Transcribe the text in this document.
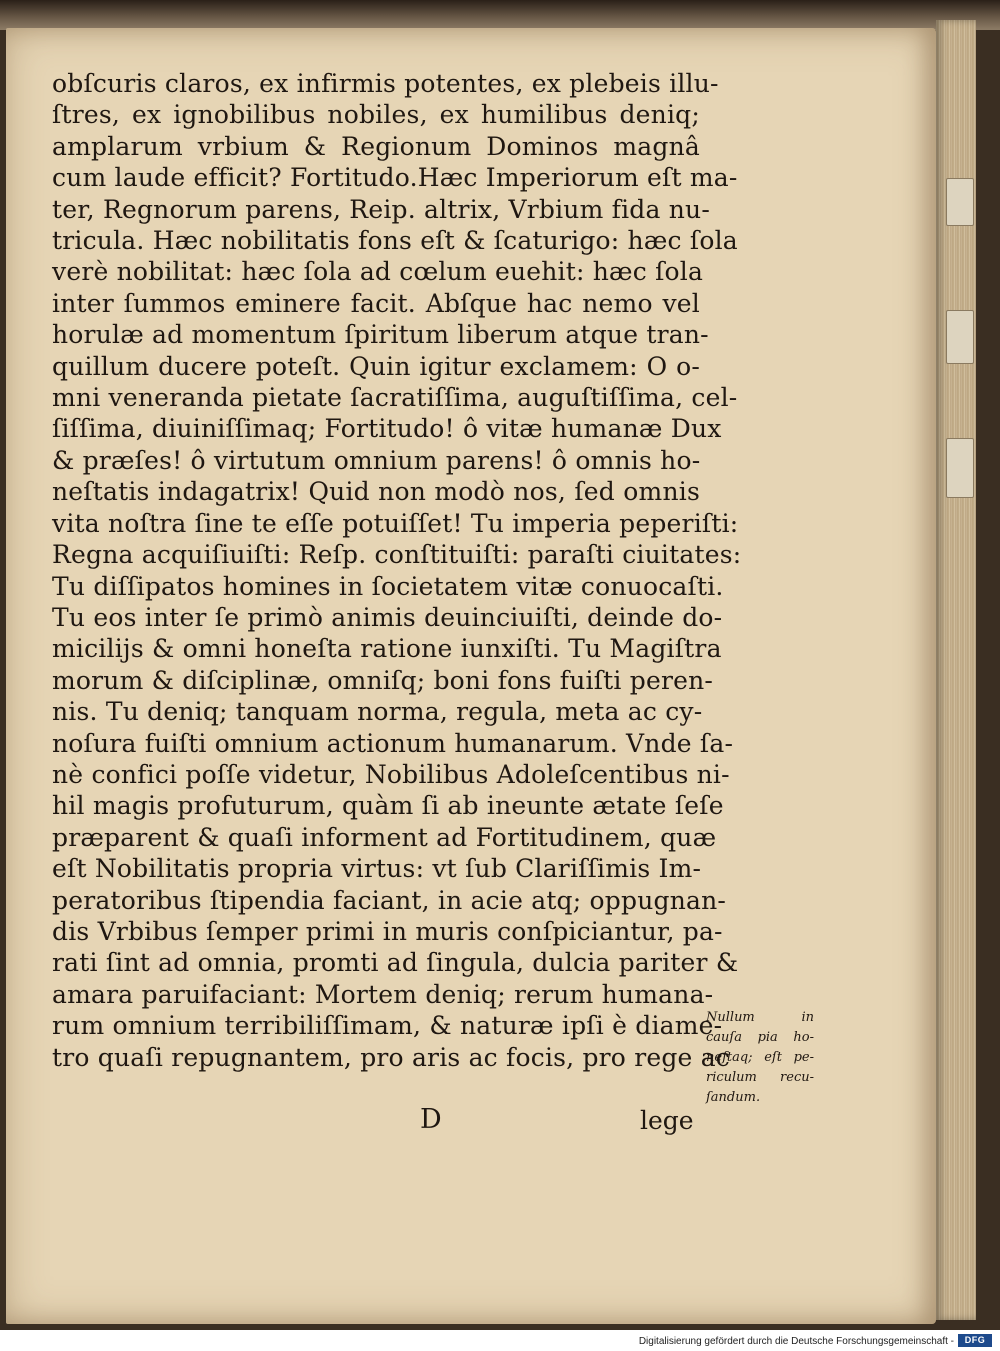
obſcuris claros, ex infirmis potentes, ex plebeis illu-
ſtres, ex ignobilibus nobiles, ex humilibus deniq;
amplarum vrbium & Regionum Dominos magnâ
cum laude efficit? Fortitudo.Hæc Imperiorum eſt ma-
ter, Regnorum parens, Reip. altrix, Vrbium fida nu-
tricula. Hæc nobilitatis fons eſt & ſcaturigo: hæc ſola
verè nobilitat: hæc ſola ad cœlum euehit: hæc ſola
inter ſummos eminere facit. Abſque hac nemo vel
horulæ ad momentum ſpiritum liberum atque tran-
quillum ducere poteſt. Quin igitur exclamem: O o-
mni veneranda pietate ſacratiſſima, auguſtiſſima, cel-
ſiſſima, diuiniſſimaq; Fortitudo! ô vitæ humanæ Dux
& præſes! ô virtutum omnium parens! ô omnis ho-
neſtatis indagatrix! Quid non modò nos, ſed omnis
vita noſtra ſine te eſſe potuiſſet! Tu imperia peperiſti:
Regna acquiſiuiſti: Reſp. conſtituiſti: paraſti ciuitates:
Tu diſſipatos homines in ſocietatem vitæ conuocaſti.
Tu eos inter ſe primò animis deuinciuiſti, deinde do-
micilijs & omni honeſta ratione iunxiſti. Tu Magiſtra
morum & diſciplinæ, omniſq; boni fons fuiſti peren-
nis. Tu deniq; tanquam norma, regula, meta ac cy-
noſura fuiſti omnium actionum humanarum. Vnde ſa-
nè confici poſſe videtur, Nobilibus Adoleſcentibus ni-
hil magis profuturum, quàm ſi ab ineunte ætate ſeſe
præparent & quaſi informent ad Fortitudinem, quæ
eſt Nobilitatis propria virtus: vt ſub Clariſſimis Im-
peratoribus ſtipendia faciant, in acie atq; oppugnan-
dis Vrbibus ſemper primi in muris conſpiciantur, pa-
rati ſint ad omnia, promti ad ſingula, dulcia pariter &
amara paruifaciant: Mortem deniq; rerum humana-
rum omnium terribiliſſimam, & naturæ ipſi è diame-
tro quaſi repugnantem, pro aris ac focis, pro rege ac
Nullum in
cauſa pia ho-
neſtaq; eſt pe-
riculum recu-
ſandum.
D	lege
Digitalisierung gefördert durch die Deutsche Forschungsgemeinschaft -	DFG
